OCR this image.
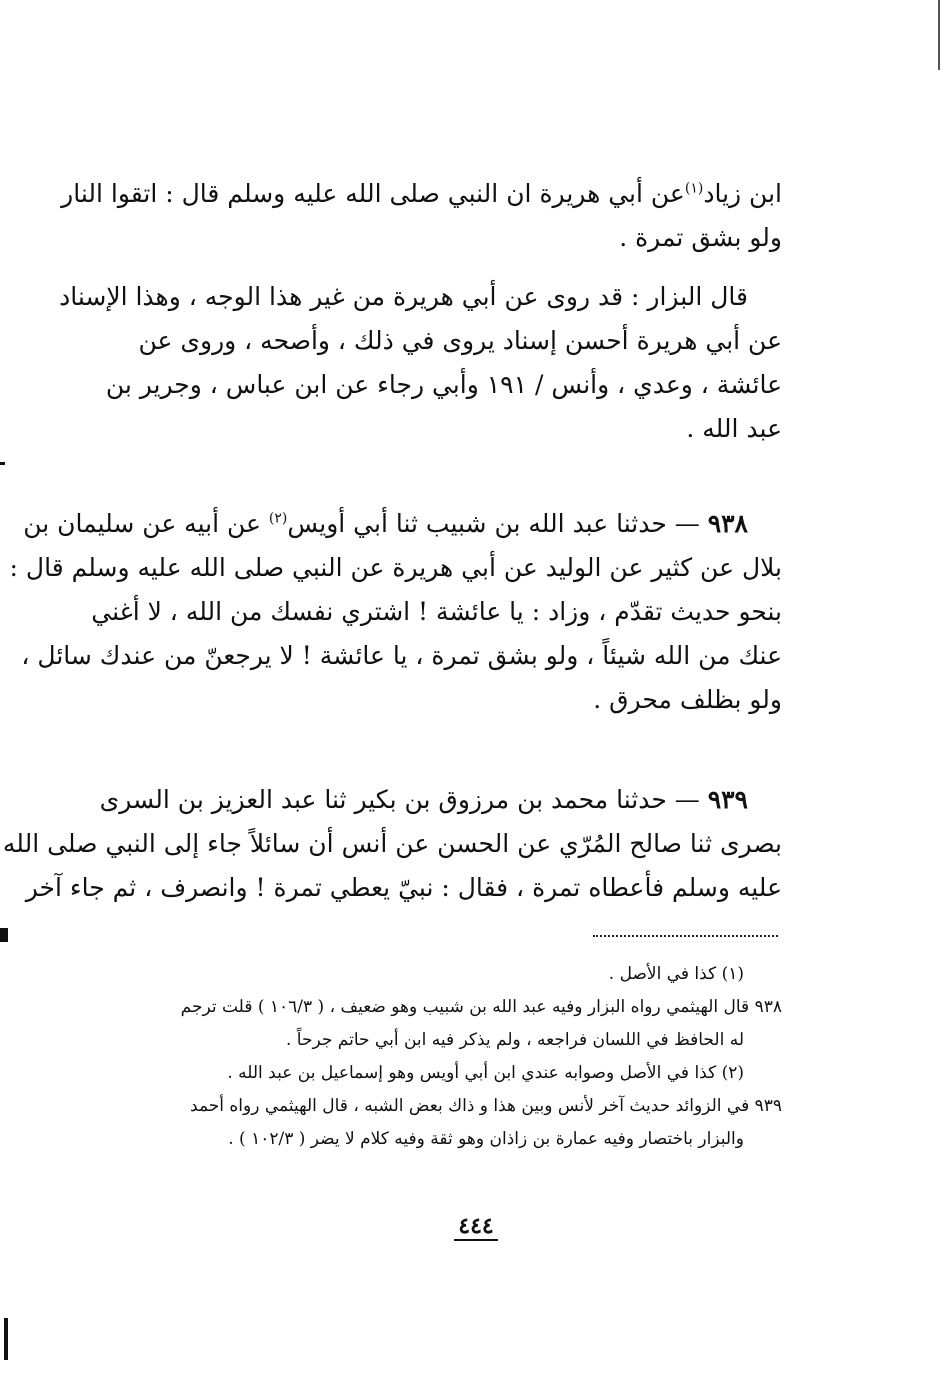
ابن زياد$^{(١)}$عن أبي هريرة ان النبي صلى الله عليه وسلم قال : اتقوا النار
ولو بشق تمرة .
قال البزار : قد روى عن أبي هريرة من غير هذا الوجه ، وهذا الإسناد
عن أبي هريرة أحسن إسناد يروى في ذلك ، وأصحه ، وروى عن
عائشة ، وعدي ، وأنس / ١٩١ وأبي رجاء عن ابن عباس ، وجرير بن
عبد الله .
٩٣٨ — حدثنا عبد الله بن شبيب ثنا أبي أويس$^{(٢)}$ عن أبيه عن سليمان بن
بلال عن كثير عن الوليد عن أبي هريرة عن النبي صلى الله عليه وسلم قال :
بنحو حديث تقدّم ، وزاد : يا عائشة ! اشتري نفسك من الله ، لا أغني
عنك من الله شيئاً ، ولو بشق تمرة ، يا عائشة ! لا يرجعنّ من عندك سائل ،
ولو بظلف محرق .
٩٣٩ — حدثنا محمد بن مرزوق بن بكير ثنا عبد العزيز بن السرى
بصرى ثنا صالح المُرّي عن الحسن عن أنس أن سائلاً جاء إلى النبي صلى الله
عليه وسلم فأعطاه تمرة ، فقال : نبيّ يعطي تمرة ! وانصرف ، ثم جاء آخر
(١) كذا في الأصل .
٩٣٨ قال الهيثمي رواه البزار وفيه عبد الله بن شبيب وهو ضعيف ، ( ١٠٦/٣ ) قلت ترجم
له الحافظ في اللسان فراجعه ، ولم يذكر فيه ابن أبي حاتم جرحاً .
(٢) كذا في الأصل وصوابه عندي ابن أبي أويس وهو إسماعيل بن عبد الله .
٩٣٩ في الزوائد حديث آخر لأنس وبين هذا و ذاك بعض الشبه ، قال الهيثمي رواه أحمد
والبزار باختصار وفيه عمارة بن زاذان وهو ثقة وفيه كلام لا يضر ( ١٠٢/٣ ) .
٤٤٤
